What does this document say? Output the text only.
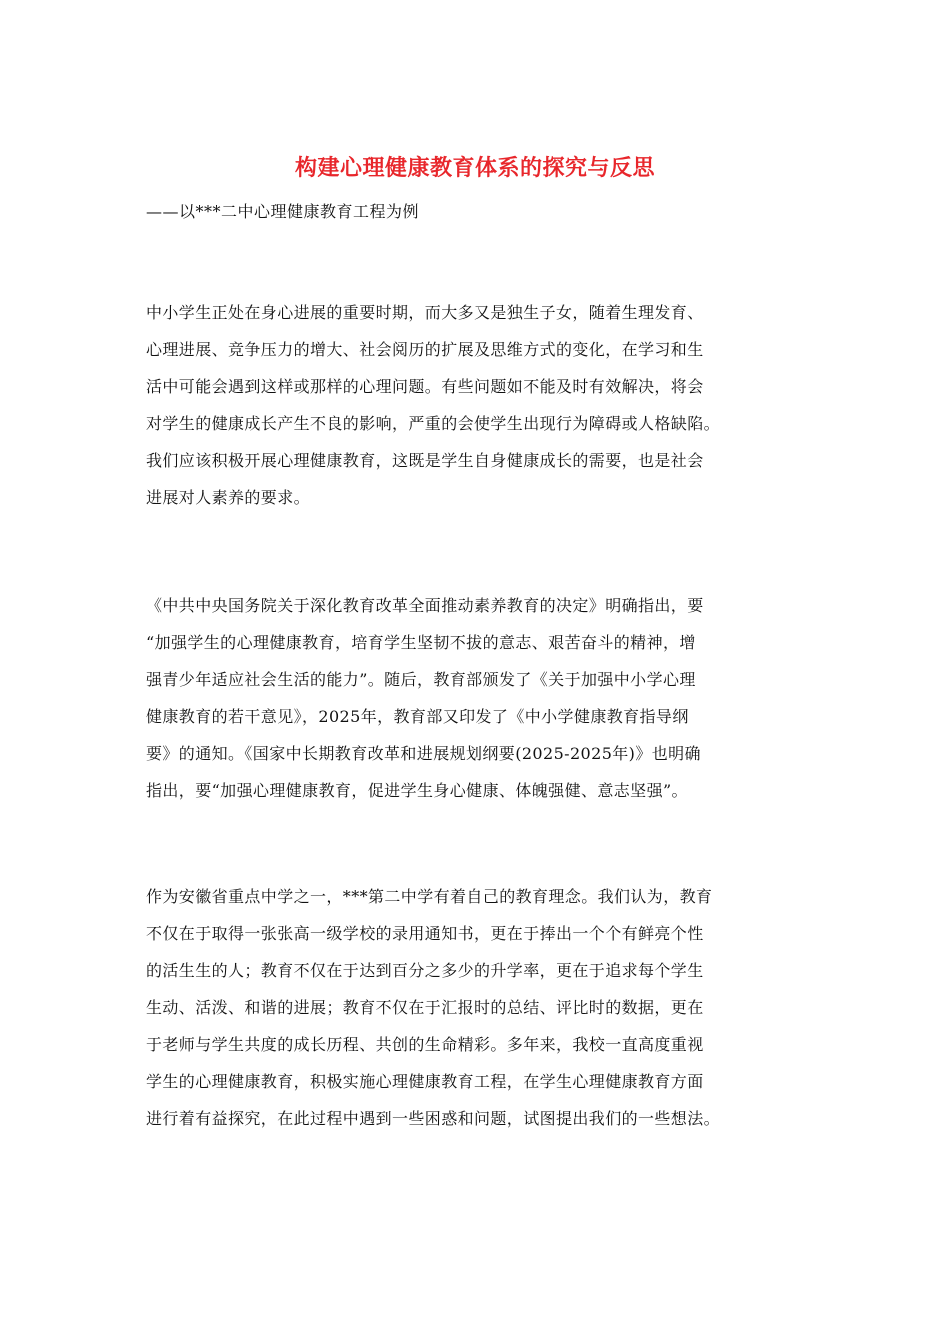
构建心理健康教育体系的探究与反思
——以***二中心理健康教育工程为例

中小学生正处在身心进展的重要时期，而大多又是独生子女，随着生理发育、
心理进展、竞争压力的增大、社会阅历的扩展及思维方式的变化，在学习和生
活中可能会遇到这样或那样的心理问题。有些问题如不能及时有效解决，将会
对学生的健康成长产生不良的影响，严重的会使学生出现行为障碍或人格缺陷。
我们应该积极开展心理健康教育，这既是学生自身健康成长的需要，也是社会
进展对人素养的要求。

《中共中央国务院关于深化教育改革全面推动素养教育的决定》明确指出，要
“加强学生的心理健康教育，培育学生坚韧不拔的意志、艰苦奋斗的精神，增
强青少年适应社会生活的能力”。随后，教育部颁发了《关于加强中小学心理
健康教育的若干意见》，2025年，教育部又印发了《中小学健康教育指导纲
要》的通知。《国家中长期教育改革和进展规划纲要(2025-2025年)》也明确
指出，要“加强心理健康教育，促进学生身心健康、体魄强健、意志坚强”。

作为安徽省重点中学之一，***第二中学有着自己的教育理念。我们认为，教育
不仅在于取得一张张高一级学校的录用通知书，更在于捧出一个个有鲜亮个性
的活生生的人；教育不仅在于达到百分之多少的升学率，更在于追求每个学生
生动、活泼、和谐的进展；教育不仅在于汇报时的总结、评比时的数据，更在
于老师与学生共度的成长历程、共创的生命精彩。多年来，我校一直高度重视
学生的心理健康教育，积极实施心理健康教育工程，在学生心理健康教育方面
进行着有益探究，在此过程中遇到一些困惑和问题，试图提出我们的一些想法。
